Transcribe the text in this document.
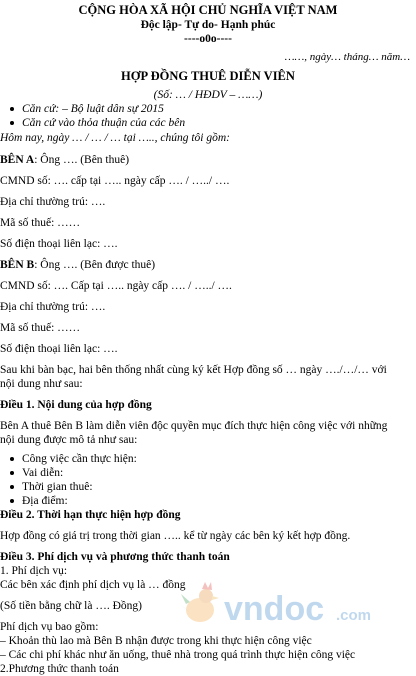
CỘNG HÒA XÃ HỘI CHỦ NGHĨA VIỆT NAM
Độc lập- Tự do- Hạnh phúc
----o0o----
……, ngày… tháng… năm…
HỢP ĐỒNG THUÊ DIỄN VIÊN
(Số: … / HĐDV – ……)
Căn cứ: – Bộ luật dân sự 2015
Căn cứ vào thỏa thuận của các bên
Hôm nay, ngày … / … / … tại ….., chúng tôi gồm:
BÊN A: Ông …. (Bên thuê)
CMND số: …. cấp tại ….. ngày cấp …. / …../ ….
Địa chỉ thường trú: ….
Mã số thuế: ……
Số điện thoại liên lạc: ….
BÊN B: Ông …. (Bên được thuê)
CMND số: …. Cấp tại ….. ngày cấp …. / …../ ….
Địa chỉ thường trú: ….
Mã số thuế: ……
Số điện thoại liên lạc: ….
Sau khi bàn bạc, hai bên thống nhất cùng ký kết Hợp đồng số … ngày …./…/… với
nội dung như sau:
Điều 1. Nội dung của hợp đồng
Bên A thuê Bên B làm diễn viên độc quyền mục đích thực hiện công việc với những
nội dung được mô tả như sau:
Công việc cần thực hiện:
Vai diễn:
Thời gian thuê:
Địa điểm:
Điều 2. Thời hạn thực hiện hợp đồng
Hợp đồng có giá trị trong thời gian ….. kể từ ngày các bên ký kết hợp đồng.
Điều 3. Phí dịch vụ và phương thức thanh toán
1. Phí dịch vụ:
Các bên xác định phí dịch vụ là … đồng
(Số tiền bằng chữ là …. Đồng) vndoc .com
Phí dịch vụ bao gồm:
– Khoản thù lao mà Bên B nhận được trong khi thực hiện công việc
– Các chi phí khác như ăn uống, thuê nhà trong quá trình thực hiện công việc
2.Phương thức thanh toán
